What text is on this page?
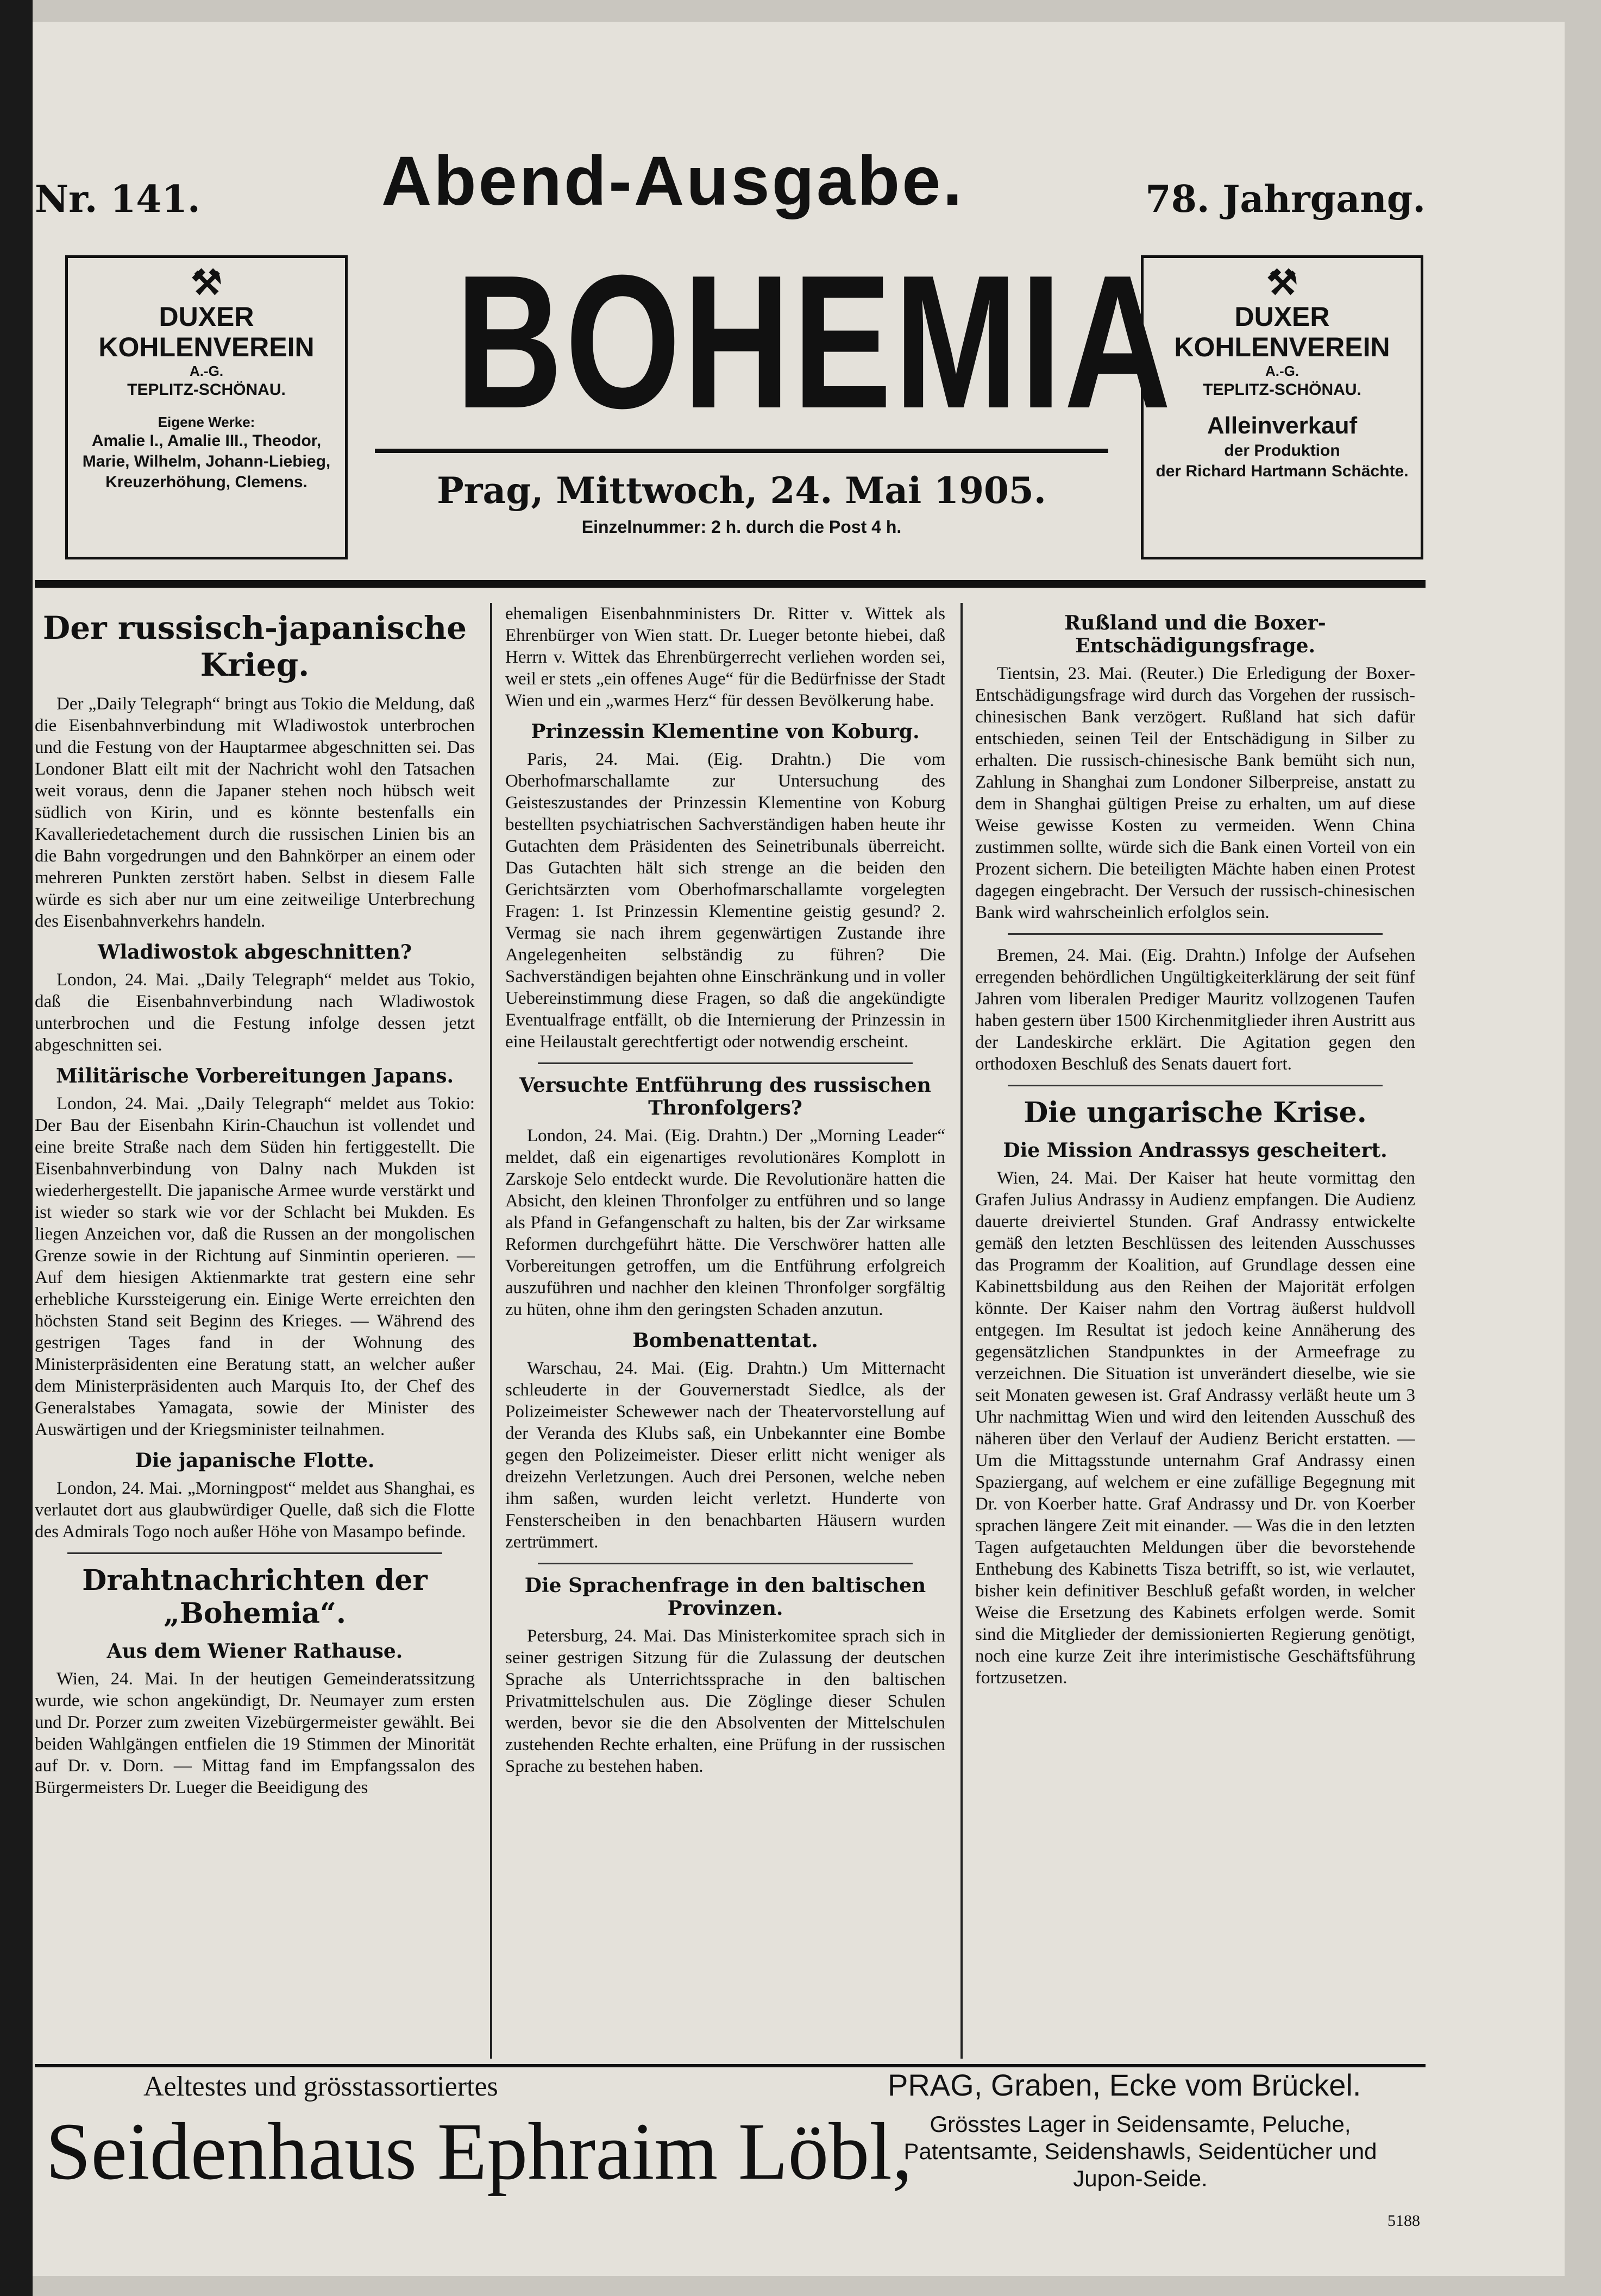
Nr. 141.	Abend-Ausgabe.	78. Jahrgang.
⚒
DUXER KOHLENVEREIN
A.-G.
TEPLITZ-SCHÖNAU.
Eigene Werke:
Amalie I., Amalie III., Theodor, Marie, Wilhelm, Johann-Liebieg, Kreuzerhöhung, Clemens.
BOHEMIA
Prag, Mittwoch, 24. Mai 1905.
Einzelnummer: 2 h. durch die Post 4 h.
⚒
DUXER KOHLENVEREIN
A.-G.
TEPLITZ-SCHÖNAU.
Alleinverkauf
der Produktion
der Richard Hartmann Schächte.
Der russisch-japanische Krieg.

Der „Daily Telegraph“ bringt aus Tokio die Meldung, daß die Eisenbahnverbindung mit Wladiwostok unterbrochen und die Festung von der Hauptarmee abgeschnitten sei. Das Londoner Blatt eilt mit der Nachricht wohl den Tatsachen weit voraus, denn die Japaner stehen noch hübsch weit südlich von Kirin, und es könnte bestenfalls ein Kavalleriedetachement durch die russischen Linien bis an die Bahn vorgedrungen und den Bahnkörper an einem oder mehreren Punkten zerstört haben. Selbst in diesem Falle würde es sich aber nur um eine zeitweilige Unterbrechung des Eisenbahnverkehrs handeln.

Wladiwostok abgeschnitten?

London, 24. Mai. „Daily Telegraph“ meldet aus Tokio, daß die Eisenbahnverbindung nach Wladiwostok unterbrochen und die Festung infolge dessen jetzt abgeschnitten sei.

Militärische Vorbereitungen Japans.

London, 24. Mai. „Daily Telegraph“ meldet aus Tokio: Der Bau der Eisenbahn Kirin-Chauchun ist vollendet und eine breite Straße nach dem Süden hin fertiggestellt. Die Eisenbahnverbindung von Dalny nach Mukden ist wiederhergestellt. Die japanische Armee wurde verstärkt und ist wieder so stark wie vor der Schlacht bei Mukden. Es liegen Anzeichen vor, daß die Russen an der mongolischen Grenze sowie in der Richtung auf Sinmintin operieren. — Auf dem hiesigen Aktienmarkte trat gestern eine sehr erhebliche Kurssteigerung ein. Einige Werte erreichten den höchsten Stand seit Beginn des Krieges. — Während des gestrigen Tages fand in der Wohnung des Ministerpräsidenten eine Beratung statt, an welcher außer dem Ministerpräsidenten auch Marquis Ito, der Chef des Generalstabes Yamagata, sowie der Minister des Auswärtigen und der Kriegsminister teilnahmen.

Die japanische Flotte.

London, 24. Mai. „Morningpost“ meldet aus Shanghai, es verlautet dort aus glaubwürdiger Quelle, daß sich die Flotte des Admirals Togo noch außer Höhe von Masampo befinde.

Drahtnachrichten der „Bohemia“.
Aus dem Wiener Rathause.

Wien, 24. Mai. In der heutigen Gemeinderatssitzung wurde, wie schon angekündigt, Dr. Neumayer zum ersten und Dr. Porzer zum zweiten Vizebürgermeister gewählt. Bei beiden Wahlgängen entfielen die 19 Stimmen der Minorität auf Dr. v. Dorn. — Mittag fand im Empfangssalon des Bürgermeisters Dr. Lueger die Beeidigung des

ehemaligen Eisenbahnministers Dr. Ritter v. Wittek als Ehrenbürger von Wien statt. Dr. Lueger betonte hiebei, daß Herrn v. Wittek das Ehrenbürgerrecht verliehen worden sei, weil er stets „ein offenes Auge“ für die Bedürfnisse der Stadt Wien und ein „warmes Herz“ für dessen Bevölkerung habe.

Prinzessin Klementine von Koburg.

Paris, 24. Mai. (Eig. Drahtn.) Die vom Oberhofmarschallamte zur Untersuchung des Geisteszustandes der Prinzessin Klementine von Koburg bestellten psychiatrischen Sachverständigen haben heute ihr Gutachten dem Präsidenten des Seinetribunals überreicht. Das Gutachten hält sich strenge an die beiden den Gerichtsärzten vom Oberhofmarschallamte vorgelegten Fragen: 1. Ist Prinzessin Klementine geistig gesund? 2. Vermag sie nach ihrem gegenwärtigen Zustande ihre Angelegenheiten selbständig zu führen? Die Sachverständigen bejahten ohne Einschränkung und in voller Uebereinstimmung diese Fragen, so daß die angekündigte Eventualfrage entfällt, ob die Internierung der Prinzessin in eine Heilaustalt gerechtfertigt oder notwendig erscheint.

Versuchte Entführung des russischen Thronfolgers?

London, 24. Mai. (Eig. Drahtn.) Der „Morning Leader“ meldet, daß ein eigenartiges revolutionäres Komplott in Zarskoje Selo entdeckt wurde. Die Revolutionäre hatten die Absicht, den kleinen Thronfolger zu entführen und so lange als Pfand in Gefangenschaft zu halten, bis der Zar wirksame Reformen durchgeführt hätte. Die Verschwörer hatten alle Vorbereitungen getroffen, um die Entführung erfolgreich auszuführen und nachher den kleinen Thronfolger sorgfältig zu hüten, ohne ihm den geringsten Schaden anzutun.

Bombenattentat.

Warschau, 24. Mai. (Eig. Drahtn.) Um Mitternacht schleuderte in der Gouvernerstadt Siedlce, als der Polizeimeister Schewewer nach der Theatervorstellung auf der Veranda des Klubs saß, ein Unbekannter eine Bombe gegen den Polizeimeister. Dieser erlitt nicht weniger als dreizehn Verletzungen. Auch drei Personen, welche neben ihm saßen, wurden leicht verletzt. Hunderte von Fensterscheiben in den benachbarten Häusern wurden zertrümmert.

Die Sprachenfrage in den baltischen Provinzen.

Petersburg, 24. Mai. Das Ministerkomitee sprach sich in seiner gestrigen Sitzung für die Zulassung der deutschen Sprache als Unterrichtssprache in den baltischen Privatmittelschulen aus. Die Zöglinge dieser Schulen werden, bevor sie die den Absolventen der Mittelschulen zustehenden Rechte erhalten, eine Prüfung in der russischen Sprache zu bestehen haben.

Rußland und die Boxer-Entschädigungsfrage.

Tientsin, 23. Mai. (Reuter.) Die Erledigung der Boxer-Entschädigungsfrage wird durch das Vorgehen der russisch-chinesischen Bank verzögert. Rußland hat sich dafür entschieden, seinen Teil der Entschädigung in Silber zu erhalten. Die russisch-chinesische Bank bemüht sich nun, Zahlung in Shanghai zum Londoner Silberpreise, anstatt zu dem in Shanghai gültigen Preise zu erhalten, um auf diese Weise gewisse Kosten zu vermeiden. Wenn China zustimmen sollte, würde sich die Bank einen Vorteil von ein Prozent sichern. Die beteiligten Mächte haben einen Protest dagegen eingebracht. Der Versuch der russisch-chinesischen Bank wird wahrscheinlich erfolglos sein.

Bremen, 24. Mai. (Eig. Drahtn.) Infolge der Aufsehen erregenden behördlichen Ungültigkeiterklärung der seit fünf Jahren vom liberalen Prediger Mauritz vollzogenen Taufen haben gestern über 1500 Kirchenmitglieder ihren Austritt aus der Landeskirche erklärt. Die Agitation gegen den orthodoxen Beschluß des Senats dauert fort.

Die ungarische Krise.
Die Mission Andrassys gescheitert.

Wien, 24. Mai. Der Kaiser hat heute vormittag den Grafen Julius Andrassy in Audienz empfangen. Die Audienz dauerte dreiviertel Stunden. Graf Andrassy entwickelte gemäß den letzten Beschlüssen des leitenden Ausschusses das Programm der Koalition, auf Grundlage dessen eine Kabinettsbildung aus den Reihen der Majorität erfolgen könnte. Der Kaiser nahm den Vortrag äußerst huldvoll entgegen. Im Resultat ist jedoch keine Annäherung des gegensätzlichen Standpunktes in der Armeefrage zu verzeichnen. Die Situation ist unverändert dieselbe, wie sie seit Monaten gewesen ist. Graf Andrassy verläßt heute um 3 Uhr nachmittag Wien und wird den leitenden Ausschuß des näheren über den Verlauf der Audienz Bericht erstatten. — Um die Mittagsstunde unternahm Graf Andrassy einen Spaziergang, auf welchem er eine zufällige Begegnung mit Dr. von Koerber hatte. Graf Andrassy und Dr. von Koerber sprachen längere Zeit mit einander. — Was die in den letzten Tagen aufgetauchten Meldungen über die bevorstehende Enthebung des Kabinetts Tisza betrifft, so ist, wie verlautet, bisher kein definitiver Beschluß gefaßt worden, in welcher Weise die Ersetzung des Kabinets erfolgen werde. Somit sind die Mitglieder der demissionierten Regierung genötigt, noch eine kurze Zeit ihre interimistische Geschäftsführung fortzusetzen.

Aeltestes und grösstassortiertes
Seidenhaus Ephraim Löbl,
PRAG, Graben, Ecke vom Brückel.
Grösstes Lager in Seidensamte, Peluche, Patentsamte, Seidenshawls, Seidentücher und Jupon-Seide.
5188
